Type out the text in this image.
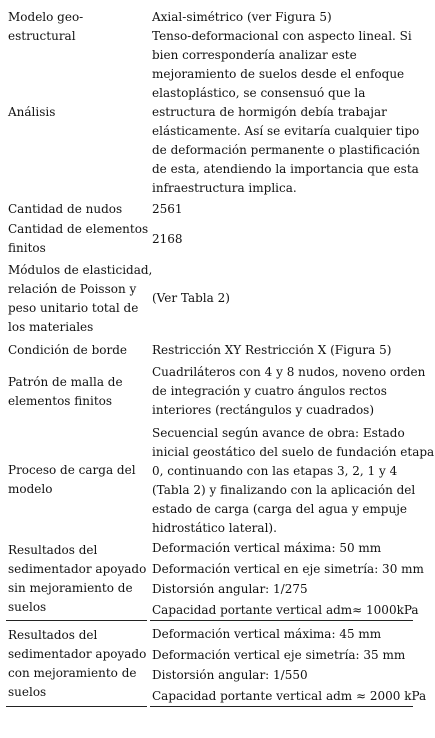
Modelo geo-estructural
Axial-simétrico (ver Figura 5)
Análisis
Tenso-deformacional con aspecto lineal. Si
bien correspondería analizar este
mejoramiento de suelos desde el enfoque
elastoplástico, se consensuó que la
estructura de hormigón debía trabajar
elásticamente. Así se evitaría cualquier tipo
de deformación permanente o plastificación
de esta, atendiendo la importancia que esta
infraestructura implica.
Cantidad de nudos	2561
Cantidad de elementos
finitos
2168
Módulos de elasticidad,
relación de Poisson y
peso unitario total de
los materiales
(Ver Tabla 2)
Condición de borde	Restricción XY Restricción X (Figura 5)
Patrón de malla de
elementos finitos
Cuadriláteros con 4 y 8 nudos, noveno orden
de integración y cuatro ángulos rectos
interiores (rectángulos y cuadrados)
Proceso de carga del
modelo
Secuencial según avance de obra: Estado
inicial geostático del suelo de fundación etapa
0, continuando con las etapas 3, 2, 1 y 4
(Tabla 2) y finalizando con la aplicación del
estado de carga (carga del agua y empuje
hidrostático lateral).
Resultados del
sedimentador apoyado
sin mejoramiento de
suelos
Deformación vertical máxima: 50 mm
Deformación vertical en eje simetría: 30 mm
Distorsión angular: 1/275
Capacidad portante vertical adm≈ 1000kPa
Resultados del
sedimentador apoyado
con mejoramiento de
suelos
Deformación vertical máxima: 45 mm
Deformación vertical eje simetría: 35 mm
Distorsión angular: 1/550
Capacidad portante vertical adm ≈ 2000 kPa
